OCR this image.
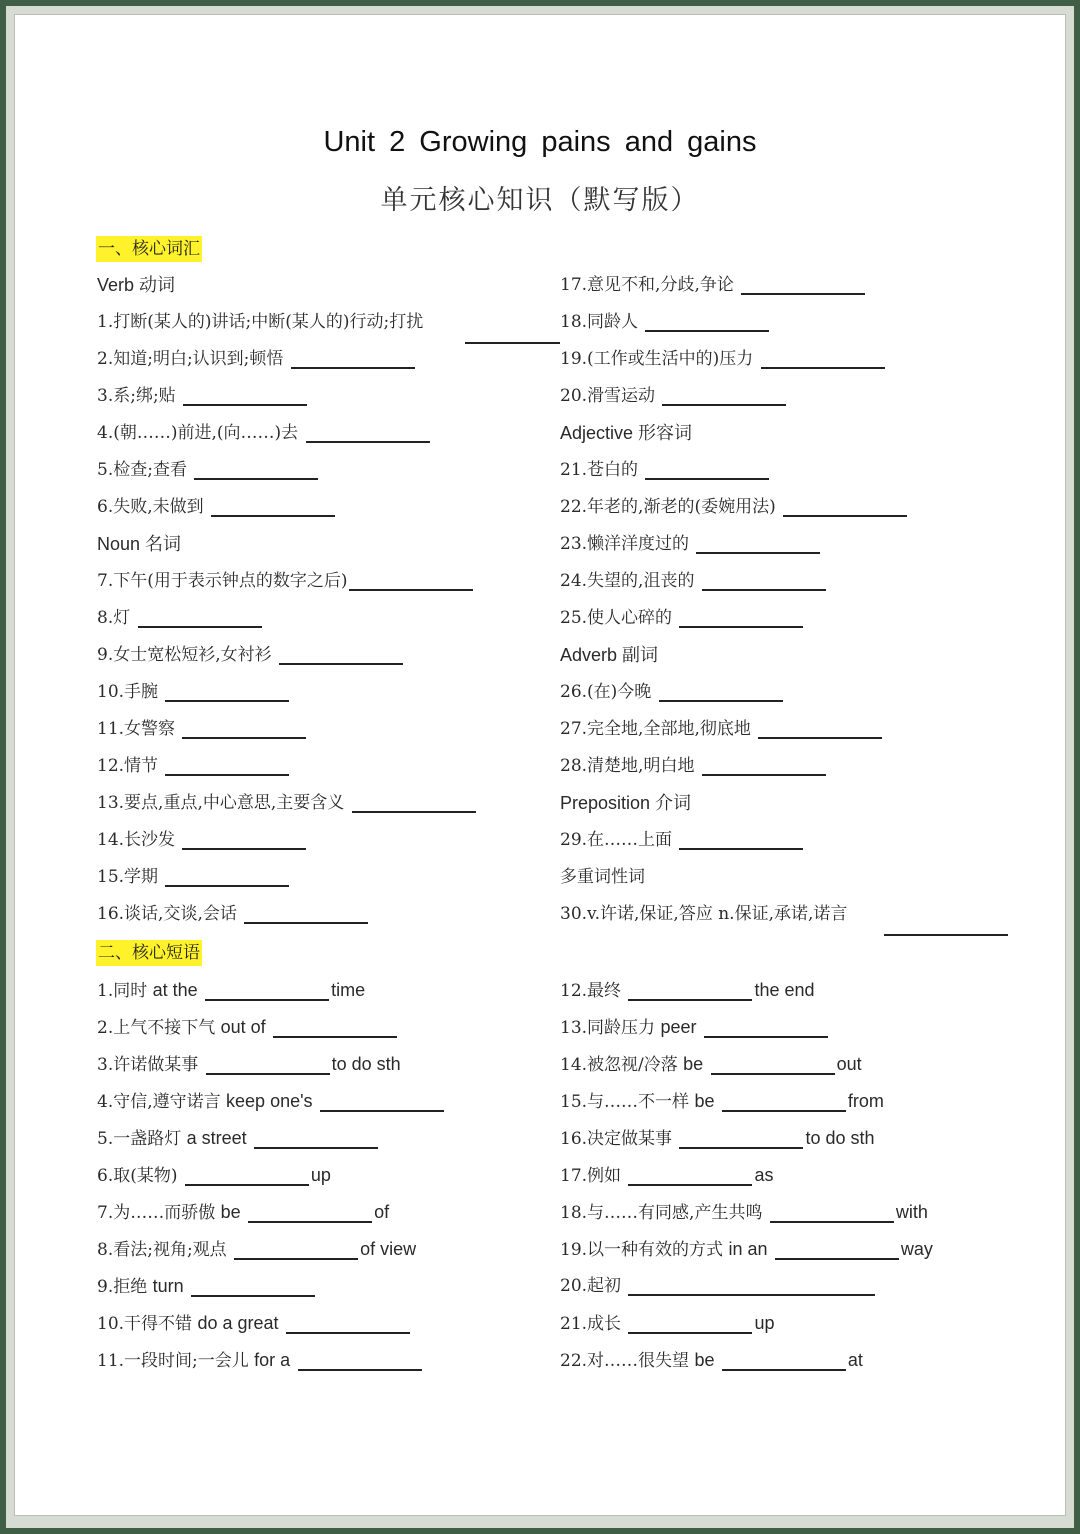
Unit 2 Growing pains and gains
单元核心知识（默写版）
一、核心词汇
Verb 动词
1.打断(某人的)讲话;中断(某人的)行动;打扰
2.知道;明白;认识到;顿悟
3.系;绑;贴
4.(朝……)前进,(向……)去
5.检查;查看
6.失败,未做到
Noun 名词
7.下午(用于表示钟点的数字之后)
8.灯
9.女士宽松短衫,女衬衫
10.手腕
11.女警察
12.情节
13.要点,重点,中心意思,主要含义
14.长沙发
15.学期
16.谈话,交谈,会话
17.意见不和,分歧,争论
18.同龄人
19.(工作或生活中的)压力
20.滑雪运动
Adjective 形容词
21.苍白的
22.年老的,渐老的(委婉用法)
23.懒洋洋度过的
24.失望的,沮丧的
25.使人心碎的
Adverb 副词
26.(在)今晚
27.完全地,全部地,彻底地
28.清楚地,明白地
Preposition 介词
29.在……上面
多重词性词
30.v.许诺,保证,答应 n.保证,承诺,诺言
二、核心短语
1.同时 at the	time
2.上气不接下气 out of
3.许诺做某事	to do sth
4.守信,遵守诺言 keep one's
5.一盏路灯 a street
6.取(某物)	up
7.为……而骄傲 be	of
8.看法;视角;观点	of view
9.拒绝 turn
10.干得不错 do a great
11.一段时间;一会儿 for a
12.最终	the end
13.同龄压力 peer
14.被忽视/冷落 be	out
15.与……不一样 be	from
16.决定做某事	to do sth
17.例如	as
18.与……有同感,产生共鸣	with
19.以一种有效的方式 in an	way
20.起初
21.成长	up
22.对……很失望 be	at
